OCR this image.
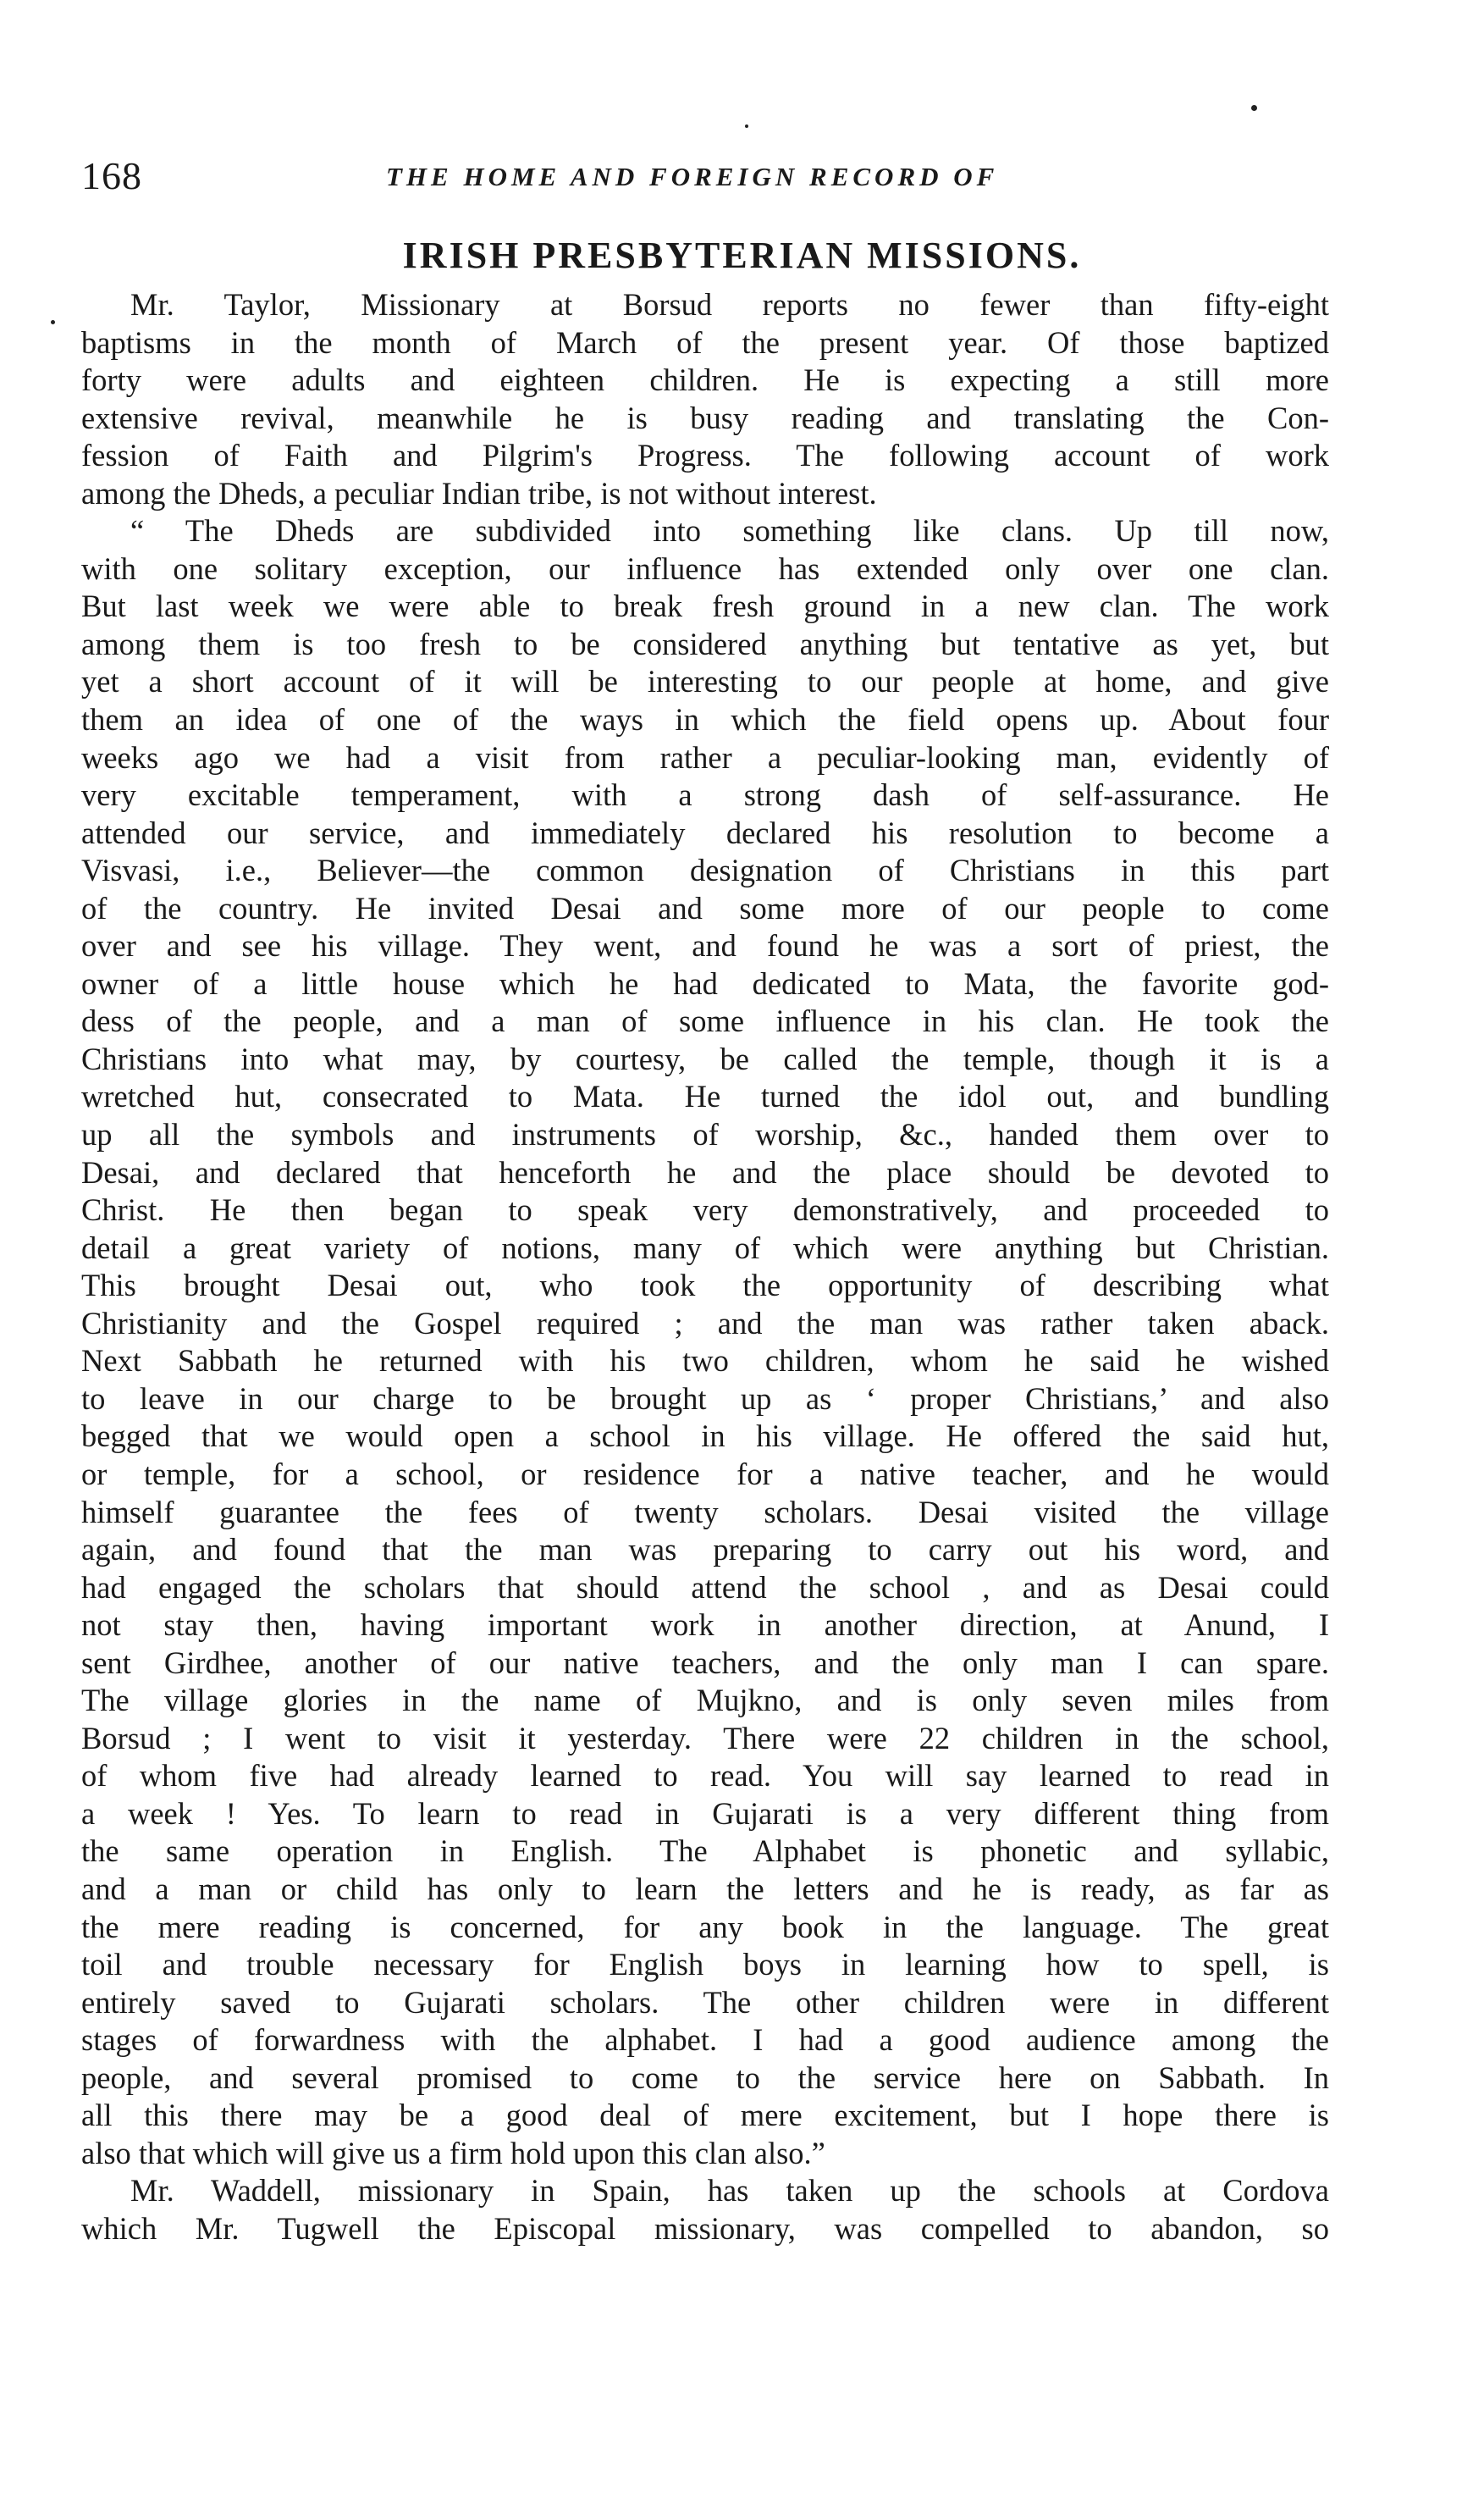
168	THE HOME AND FOREIGN RECORD OF
IRISH PRESBYTERIAN MISSIONS.
Mr. Taylor, Missionary at Borsud reports no fewer than fifty-eight
baptisms in the month of March of the present year. Of those baptized
forty were adults and eighteen children. He is expecting a still more
extensive revival, meanwhile he is busy reading and translating the Con-
fession of Faith and Pilgrim's Progress. The following account of work
among the Dheds, a peculiar Indian tribe, is not without interest.
“ The Dheds are subdivided into something like clans. Up till now,
with one solitary exception, our influence has extended only over one clan.
But last week we were able to break fresh ground in a new clan. The work
among them is too fresh to be considered anything but tentative as yet, but
yet a short account of it will be interesting to our people at home, and give
them an idea of one of the ways in which the field opens up. About four
weeks ago we had a visit from rather a peculiar-looking man, evidently of
very excitable temperament, with a strong dash of self-assurance. He
attended our service, and immediately declared his resolution to become a
Visvasi, i.e., Believer—the common designation of Christians in this part
of the country. He invited Desai and some more of our people to come
over and see his village. They went, and found he was a sort of priest, the
owner of a little house which he had dedicated to Mata, the favorite god-
dess of the people, and a man of some influence in his clan. He took the
Christians into what may, by courtesy, be called the temple, though it is a
wretched hut, consecrated to Mata. He turned the idol out, and bundling
up all the symbols and instruments of worship, &c., handed them over to
Desai, and declared that henceforth he and the place should be devoted to
Christ. He then began to speak very demonstratively, and proceeded to
detail a great variety of notions, many of which were anything but Christian.
This brought Desai out, who took the opportunity of describing what
Christianity and the Gospel required ; and the man was rather taken aback.
Next Sabbath he returned with his two children, whom he said he wished
to leave in our charge to be brought up as ‘ proper Christians,’ and also
begged that we would open a school in his village. He offered the said hut,
or temple, for a school, or residence for a native teacher, and he would
himself guarantee the fees of twenty scholars. Desai visited the village
again, and found that the man was preparing to carry out his word, and
had engaged the scholars that should attend the school , and as Desai could
not stay then, having important work in another direction, at Anund, I
sent Girdhee, another of our native teachers, and the only man I can spare.
The village glories in the name of Mujkno, and is only seven miles from
Borsud ; I went to visit it yesterday. There were 22 children in the school,
of whom five had already learned to read. You will say learned to read in
a week ! Yes. To learn to read in Gujarati is a very different thing from
the same operation in English. The Alphabet is phonetic and syllabic,
and a man or child has only to learn the letters and he is ready, as far as
the mere reading is concerned, for any book in the language. The great
toil and trouble necessary for English boys in learning how to spell, is
entirely saved to Gujarati scholars. The other children were in different
stages of forwardness with the alphabet. I had a good audience among the
people, and several promised to come to the service here on Sabbath. In
all this there may be a good deal of mere excitement, but I hope there is
also that which will give us a firm hold upon this clan also.”
Mr. Waddell, missionary in Spain, has taken up the schools at Cordova
which Mr. Tugwell the Episcopal missionary, was compelled to abandon, so
